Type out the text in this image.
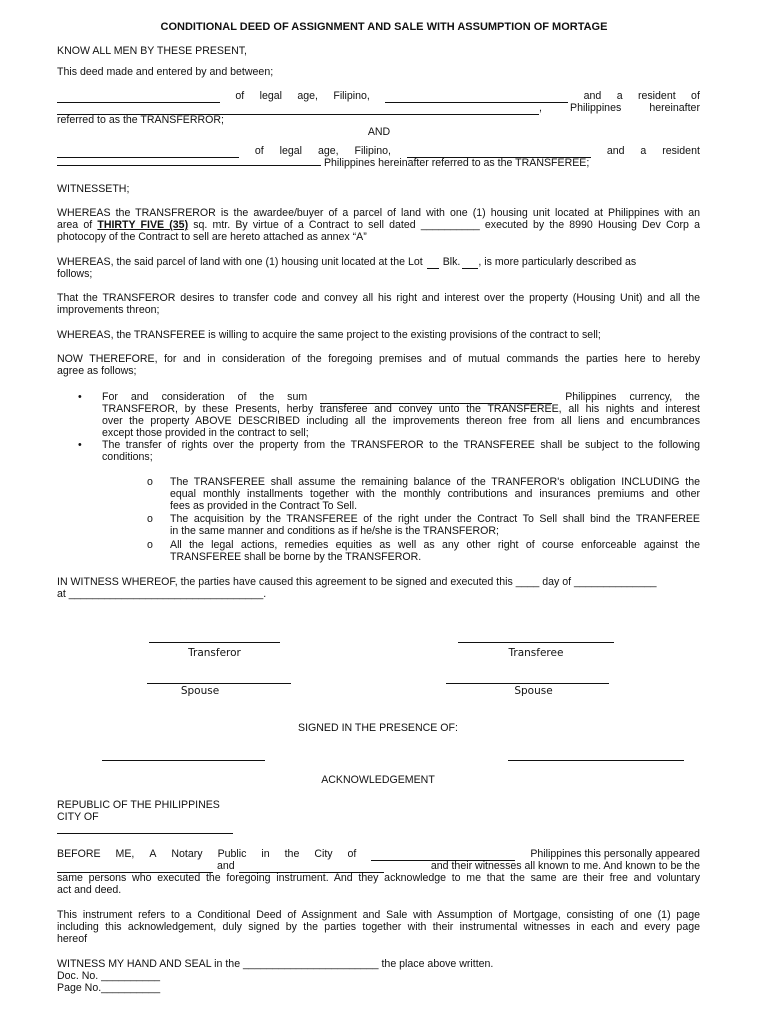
CONDITIONAL DEED OF ASSIGNMENT AND SALE WITH ASSUMPTION OF MORTAGE
KNOW ALL MEN BY THESE PRESENT,
This deed made and entered by and between;
of legal age, Filipino,	and a resident of
,	Philippines	hereinafter
referred to as the TRANSFERROR;
AND
of legal age, Filipino,	and a resident
Philippines hereinafter referred to as the TRANSFEREE;
WITNESSETH;
WHEREAS the TRANSFREROR is the awardee/buyer of a parcel of land with one (1) housing unit located at Philippines with an
area of THIRTY FIVE (35) sq. mtr. By virtue of a Contract to sell dated __________ executed by the 8990 Housing Dev Corp a
photocopy of the Contract to sell are hereto attached as annex “A”
WHEREAS, the said parcel of land with one (1) housing unit located at the Lot Blk. , is more particularly described as
follows;
That the TRANSFEROR desires to transfer code and convey all his right and interest over the property (Housing Unit) and all the
improvements threon;
WHEREAS, the TRANSFEREE is willing to acquire the same project to the existing provisions of the contract to sell;
NOW THEREFORE, for and in consideration of the foregoing premises and of mutual commands the parties here to hereby
agree as follows;
• For and consideration of the sum	Philippines currency, the
TRANSFEROR, by these Presents, herby transferee and convey unto the TRANSFEREE, all his nights and interest
over the property ABOVE DESCRIBED including all the improvements thereon free from all liens and encumbrances
except those provided in the contract to sell;
• The transfer of rights over the property from the TRANSFEROR to the TRANSFEREE shall be subject to the following
conditions;
o The TRANSFEREE shall assume the remaining balance of the TRANFEROR's obligation INCLUDING the
equal monthly installments together with the monthly contributions and insurances premiums and other
fees as provided in the Contract To Sell.
o The acquisition by the TRANSFEREE of the right under the Contract To Sell shall bind the TRANFEREE
in the same manner and conditions as if he/she is the TRANSFEROR;
o All the legal actions, remedies equities as well as any other right of course enforceable against the
TRANSFEREE shall be borne by the TRANSFEROR.
IN WITNESS WHEREOF, the parties have caused this agreement to be signed and executed this ____ day of ______________
at _________________________________.
Transferor	Transferee
Spouse	Spouse
SIGNED IN THE PRESENCE OF:
ACKNOWLEDGEMENT
REPUBLIC OF THE PHILIPPINES
CITY OF
BEFORE ME, A Notary Public in the City of	Philippines this personally appeared
and	and their witnesses all known to me. And known to be the
same persons who executed the foregoing instrument. And they acknowledge to me that the same are their free and voluntary
act and deed.
This instrument refers to a Conditional Deed of Assignment and Sale with Assumption of Mortgage, consisting of one (1) page
including this acknowledgement, duly signed by the parties together with their instrumental witnesses in each and every page
hereof
WITNESS MY HAND AND SEAL in the _______________________ the place above written.
Doc. No. __________
Page No.__________
